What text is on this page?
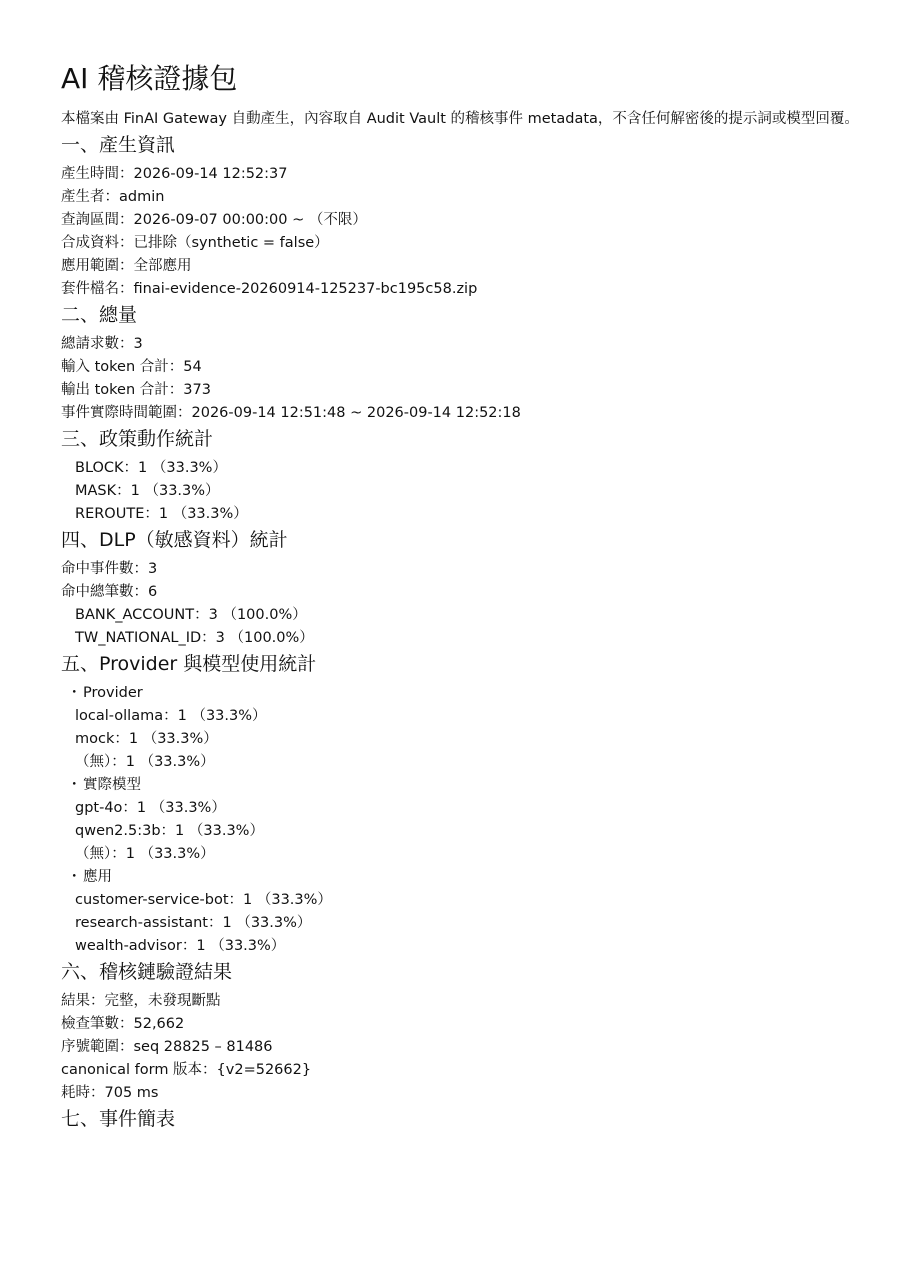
AI 稽核證據包

本檔案由 FinAI Gateway 自動產生，內容取自 Audit Vault 的稽核事件 metadata，不含任何解密後的提示詞或模型回覆。

一、產生資訊
產生時間：2026-09-14 12:52:37
產生者：admin
查詢區間：2026-09-07 00:00:00 ~ （不限）
合成資料：已排除（synthetic = false）
應用範圍：全部應用
套件檔名：finai-evidence-20260914-125237-bc195c58.zip
二、總量
總請求數：3
輸入 token 合計：54
輸出 token 合計：373
事件實際時間範圍：2026-09-14 12:51:48 ~ 2026-09-14 12:52:18
三、政策動作統計
BLOCK：1 （33.3%）
MASK：1 （33.3%）
REROUTE：1 （33.3%）
四、DLP（敏感資料）統計
命中事件數：3
命中總筆數：6
BANK_ACCOUNT：3 （100.0%）
TW_NATIONAL_ID：3 （100.0%）
五、Provider 與模型使用統計
・ Provider
local-ollama：1 （33.3%）
mock：1 （33.3%）
（無）：1 （33.3%）
・ 實際模型
gpt-4o：1 （33.3%）
qwen2.5:3b：1 （33.3%）
（無）：1 （33.3%）
・ 應用
customer-service-bot：1 （33.3%）
research-assistant：1 （33.3%）
wealth-advisor：1 （33.3%）
六、稽核鏈驗證結果
結果：完整，未發現斷點
檢查筆數：52,662
序號範圍：seq 28825 – 81486
canonical form 版本：{v2=52662}
耗時：705 ms
七、事件簡表
